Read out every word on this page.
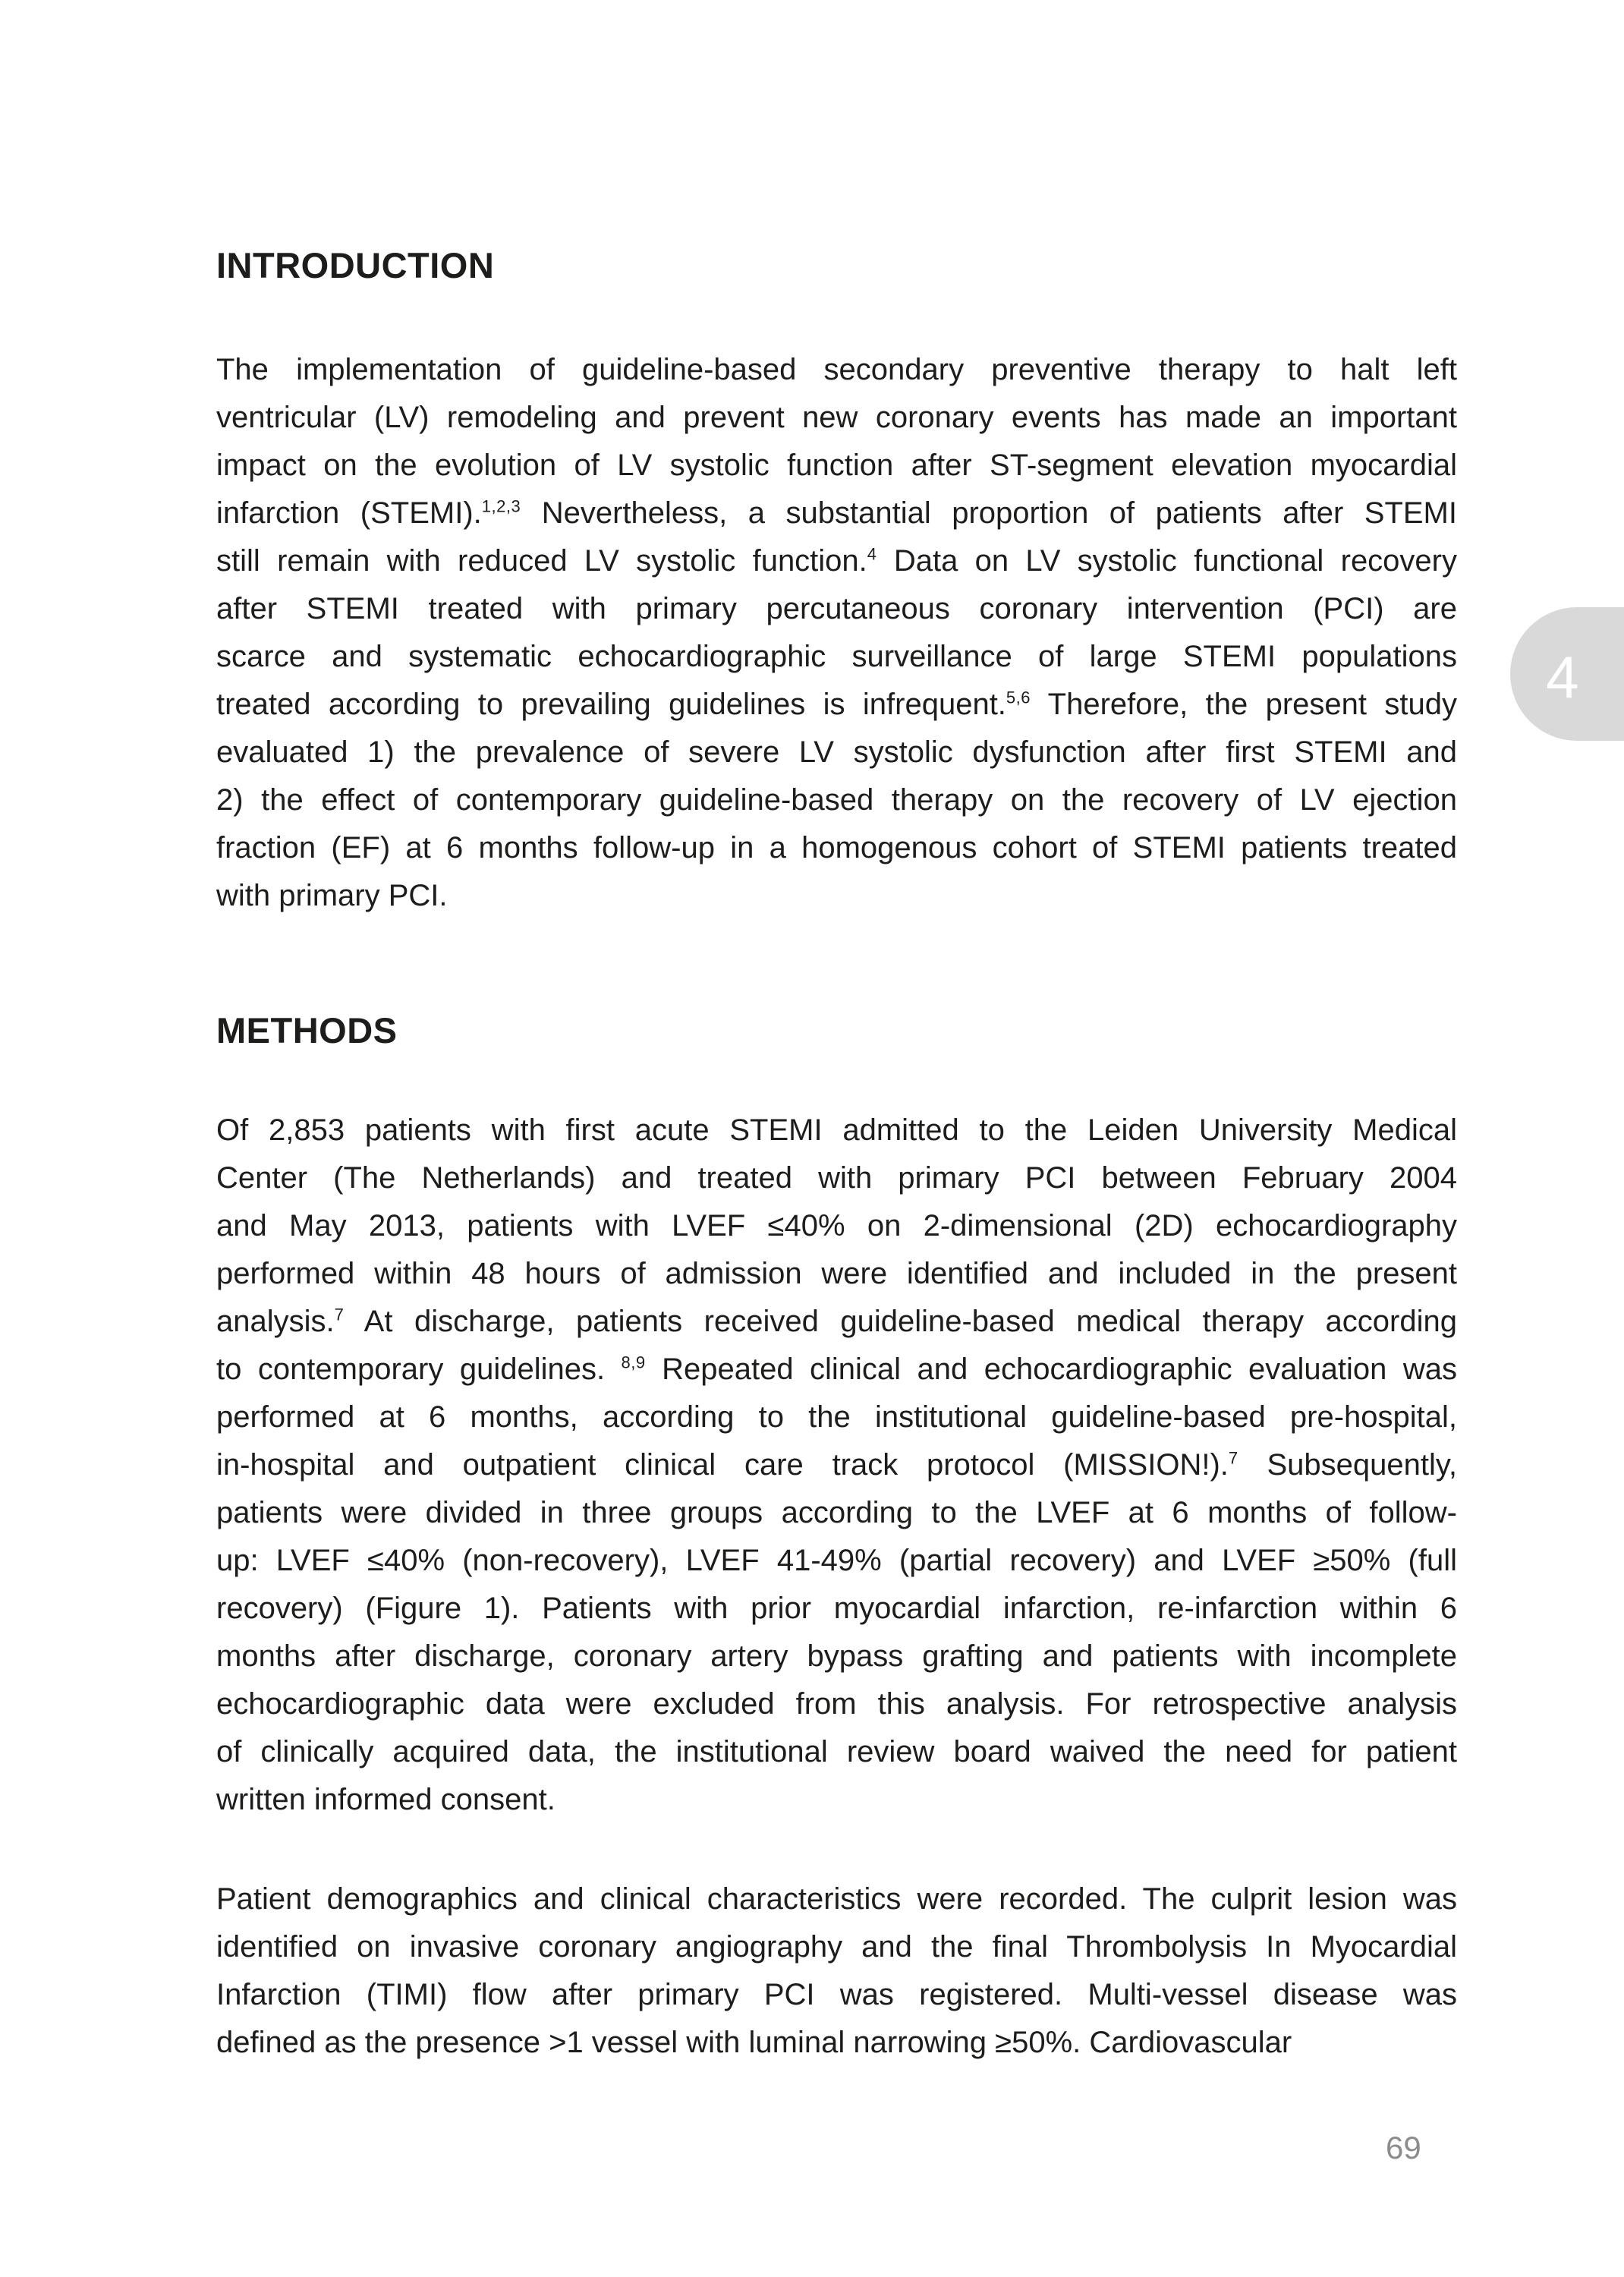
INTRODUCTION
The implementation of guideline-based secondary preventive therapy to halt left
ventricular (LV) remodeling and prevent new coronary events has made an important
impact on the evolution of LV systolic function after ST-segment elevation myocardial
infarction (STEMI).$^{1,2,3}$ Nevertheless, a substantial proportion of patients after STEMI
still remain with reduced LV systolic function.$^4$ Data on LV systolic functional recovery
after STEMI treated with primary percutaneous coronary intervention (PCI) are
scarce and systematic echocardiographic surveillance of large STEMI populations
treated according to prevailing guidelines is infrequent.$^{5,6}$ Therefore, the present study
evaluated 1) the prevalence of severe LV systolic dysfunction after first STEMI and
2) the effect of contemporary guideline-based therapy on the recovery of LV ejection
fraction (EF) at 6 months follow-up in a homogenous cohort of STEMI patients treated
with primary PCI.
METHODS
Of 2,853 patients with first acute STEMI admitted to the Leiden University Medical
Center (The Netherlands) and treated with primary PCI between February 2004
and May 2013, patients with LVEF ≤40% on 2-dimensional (2D) echocardiography
performed within 48 hours of admission were identified and included in the present
analysis.$^7$ At discharge, patients received guideline-based medical therapy according
to contemporary guidelines. $^{8,9}$ Repeated clinical and echocardiographic evaluation was
performed at 6 months, according to the institutional guideline-based pre-hospital,
in-hospital and outpatient clinical care track protocol (MISSION!).$^7$ Subsequently,
patients were divided in three groups according to the LVEF at 6 months of follow-
up: LVEF ≤40% (non-recovery), LVEF 41-49% (partial recovery) and LVEF ≥50% (full
recovery) (Figure 1). Patients with prior myocardial infarction, re-infarction within 6
months after discharge, coronary artery bypass grafting and patients with incomplete
echocardiographic data were excluded from this analysis. For retrospective analysis
of clinically acquired data, the institutional review board waived the need for patient
written informed consent.
Patient demographics and clinical characteristics were recorded. The culprit lesion was
identified on invasive coronary angiography and the final Thrombolysis In Myocardial
Infarction (TIMI) flow after primary PCI was registered. Multi-vessel disease was
defined as the presence >1 vessel with luminal narrowing ≥50%. Cardiovascular
4
69
